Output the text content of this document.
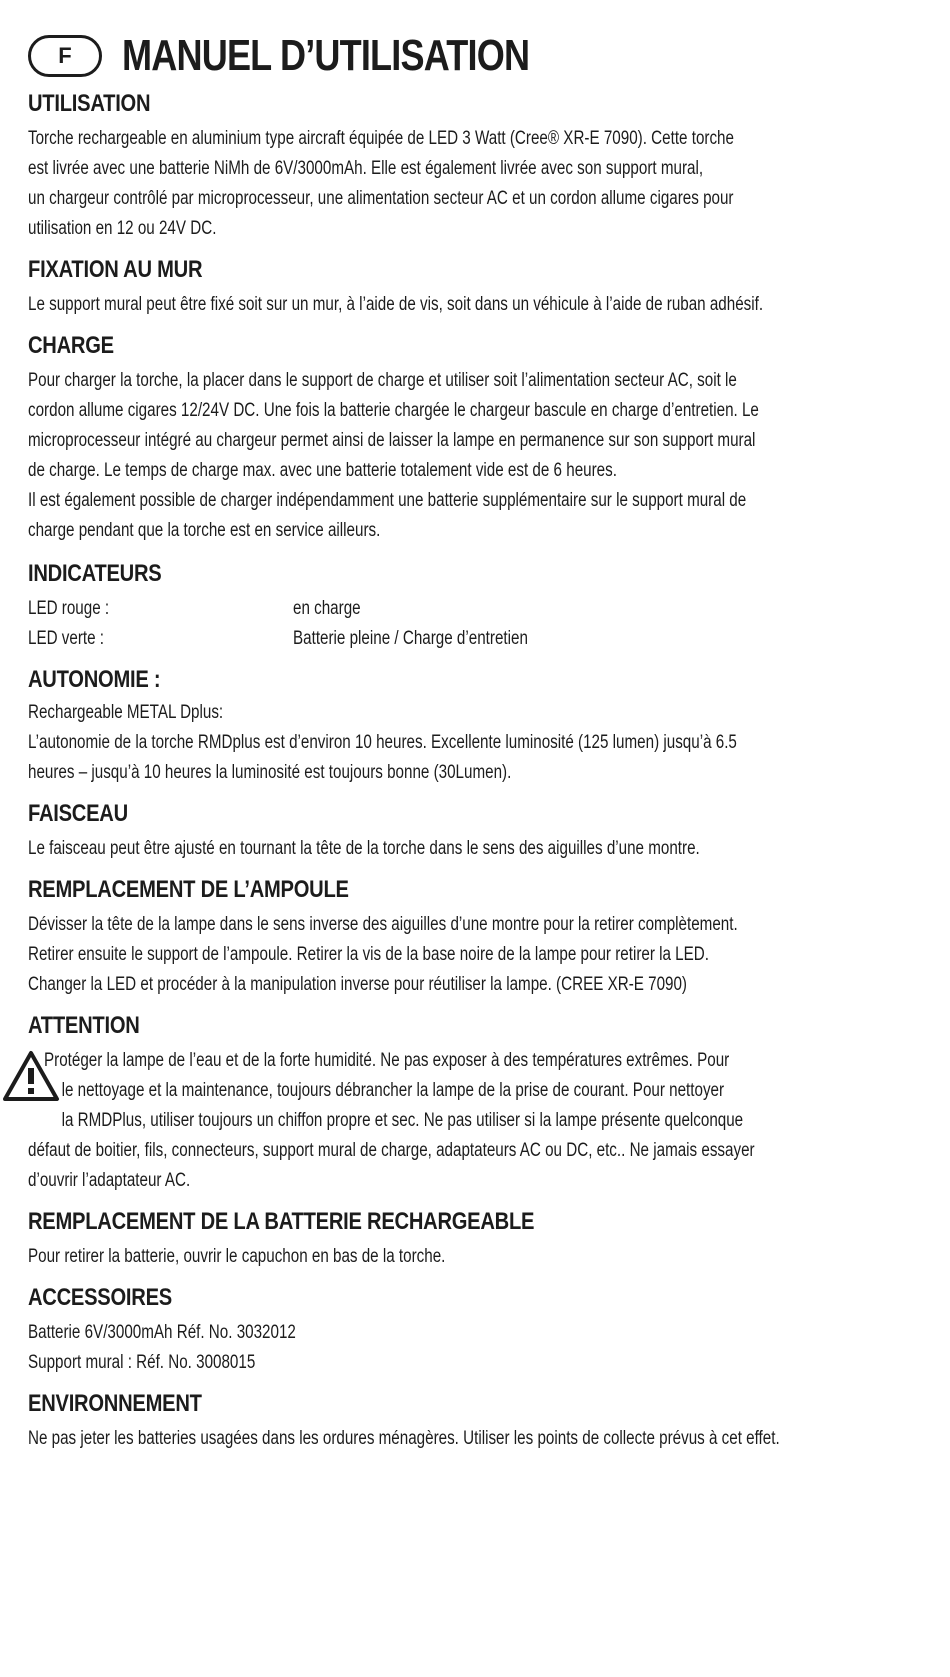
F	MANUEL D’UTILISATION
UTILISATION

Torche rechargeable en aluminium type aircraft équipée de LED 3 Watt (Cree® XR-E 7090). Cette torche

est livrée avec une batterie NiMh de 6V/3000mAh. Elle est également livrée avec son support mural,

un chargeur contrôlé par microprocesseur, une alimentation secteur AC et un cordon allume cigares pour

utilisation en 12 ou 24V DC.

FIXATION AU MUR

Le support mural peut être fixé soit sur un mur, à l’aide de vis, soit dans un véhicule à l’aide de ruban adhésif.

CHARGE

Pour charger la torche, la placer dans le support de charge et utiliser soit l’alimentation secteur AC, soit le

cordon allume cigares 12/24V DC. Une fois la batterie chargée le chargeur bascule en charge d’entretien. Le

microprocesseur intégré au chargeur permet ainsi de laisser la lampe en permanence sur son support mural

de charge. Le temps de charge max. avec une batterie totalement vide est de 6 heures.

Il est également possible de charger indépendamment une batterie supplémentaire sur le support mural de

charge pendant que la torche est en service ailleurs.

INDICATEURS

LED rouge :	en charge

LED verte :	Batterie pleine / Charge d’entretien

AUTONOMIE :

Rechargeable METAL Dplus:

L’autonomie de la torche RMDplus est d’environ 10 heures. Excellente luminosité (125 lumen) jusqu’à 6.5

heures – jusqu’à 10 heures la luminosité est toujours bonne (30Lumen).

FAISCEAU

Le faisceau peut être ajusté en tournant la tête de la torche dans le sens des aiguilles d’une montre.

REMPLACEMENT DE L’AMPOULE

Dévisser la tête de la lampe dans le sens inverse des aiguilles d’une montre pour la retirer complètement.

Retirer ensuite le support de l’ampoule. Retirer la vis de la base noire de la lampe pour retirer la LED.

Changer la LED et procéder à la manipulation inverse pour réutiliser la lampe. (CREE XR-E 7090)

ATTENTION

Protéger la lampe de l’eau et de la forte humidité. Ne pas exposer à des températures extrêmes. Pour

le nettoyage et la maintenance, toujours débrancher la lampe de la prise de courant. Pour nettoyer

la RMDPlus, utiliser toujours un chiffon propre et sec. Ne pas utiliser si la lampe présente quelconque

défaut de boitier, fils, connecteurs, support mural de charge, adaptateurs AC ou DC, etc.. Ne jamais essayer

d’ouvrir l’adaptateur AC.

REMPLACEMENT DE LA BATTERIE RECHARGEABLE

Pour retirer la batterie, ouvrir le capuchon en bas de la torche.

ACCESSOIRES

Batterie 6V/3000mAh Réf. No. 3032012

Support mural : Réf. No. 3008015

ENVIRONNEMENT

Ne pas jeter les batteries usagées dans les ordures ménagères. Utiliser les points de collecte prévus à cet effet.
